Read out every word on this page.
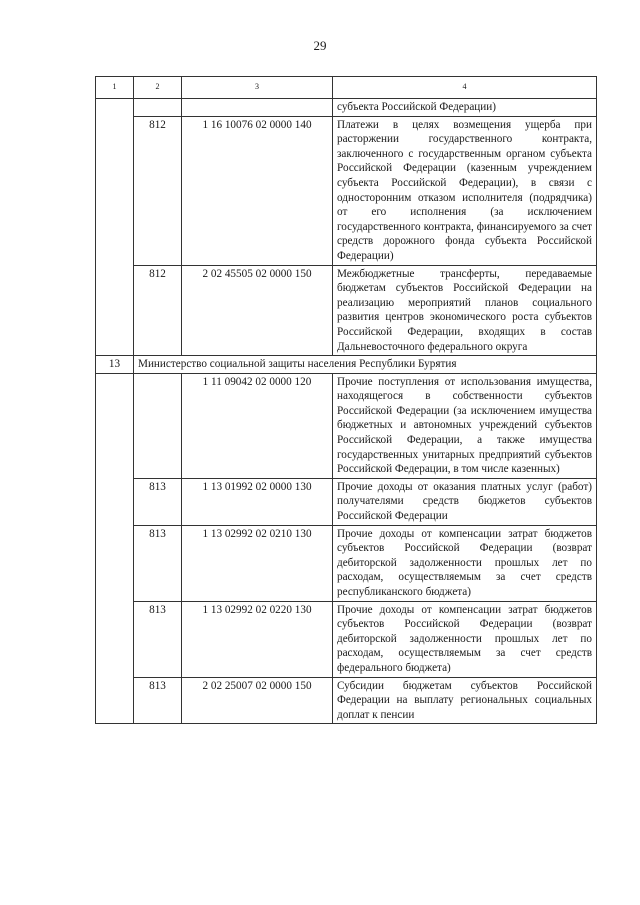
29
1	2	3	4
			субъекта Российской Федерации)
	812	1 16 10076 02 0000 140	Платежи в целях возмещения ущерба при расторжении государственного контракта, заключенного с государственным органом субъекта Российской Федерации (казенным учреждением субъекта Российской Федерации), в связи с односторонним отказом исполнителя (подрядчика) от его исполнения (за исключением государственного контракта, финансируемого за счет средств дорожного фонда субъекта Российской Федерации)
	812	2 02 45505 02 0000 150	Межбюджетные трансферты, передаваемые бюджетам субъектов Российской Федерации на реализацию мероприятий планов социального развития центров экономического роста субъектов Российской Федерации, входящих в состав Дальневосточного федерального округа
13	Министерство социальной защиты населения Республики Бурятия		
		1 11 09042 02 0000 120	Прочие поступления от использования имущества, находящегося в собственности субъектов Российской Федерации (за исключением имущества бюджетных и автономных учреждений субъектов Российской Федерации, а также имущества государственных унитарных предприятий субъектов Российской Федерации, в том числе казенных)
	813	1 13 01992 02 0000 130	Прочие доходы от оказания платных услуг (работ) получателями средств бюджетов субъектов Российской Федерации
	813	1 13 02992 02 0210 130	Прочие доходы от компенсации затрат бюджетов субъектов Российской Федерации (возврат дебиторской задолженности прошлых лет по расходам, осуществляемым за счет средств республиканского бюджета)
	813	1 13 02992 02 0220 130	Прочие доходы от компенсации затрат бюджетов субъектов Российской Федерации (возврат дебиторской задолженности прошлых лет по расходам, осуществляемым за счет средств федерального бюджета)
	813	2 02 25007 02 0000 150	Субсидии бюджетам субъектов Российской Федерации на выплату региональных социальных доплат к пенсии
